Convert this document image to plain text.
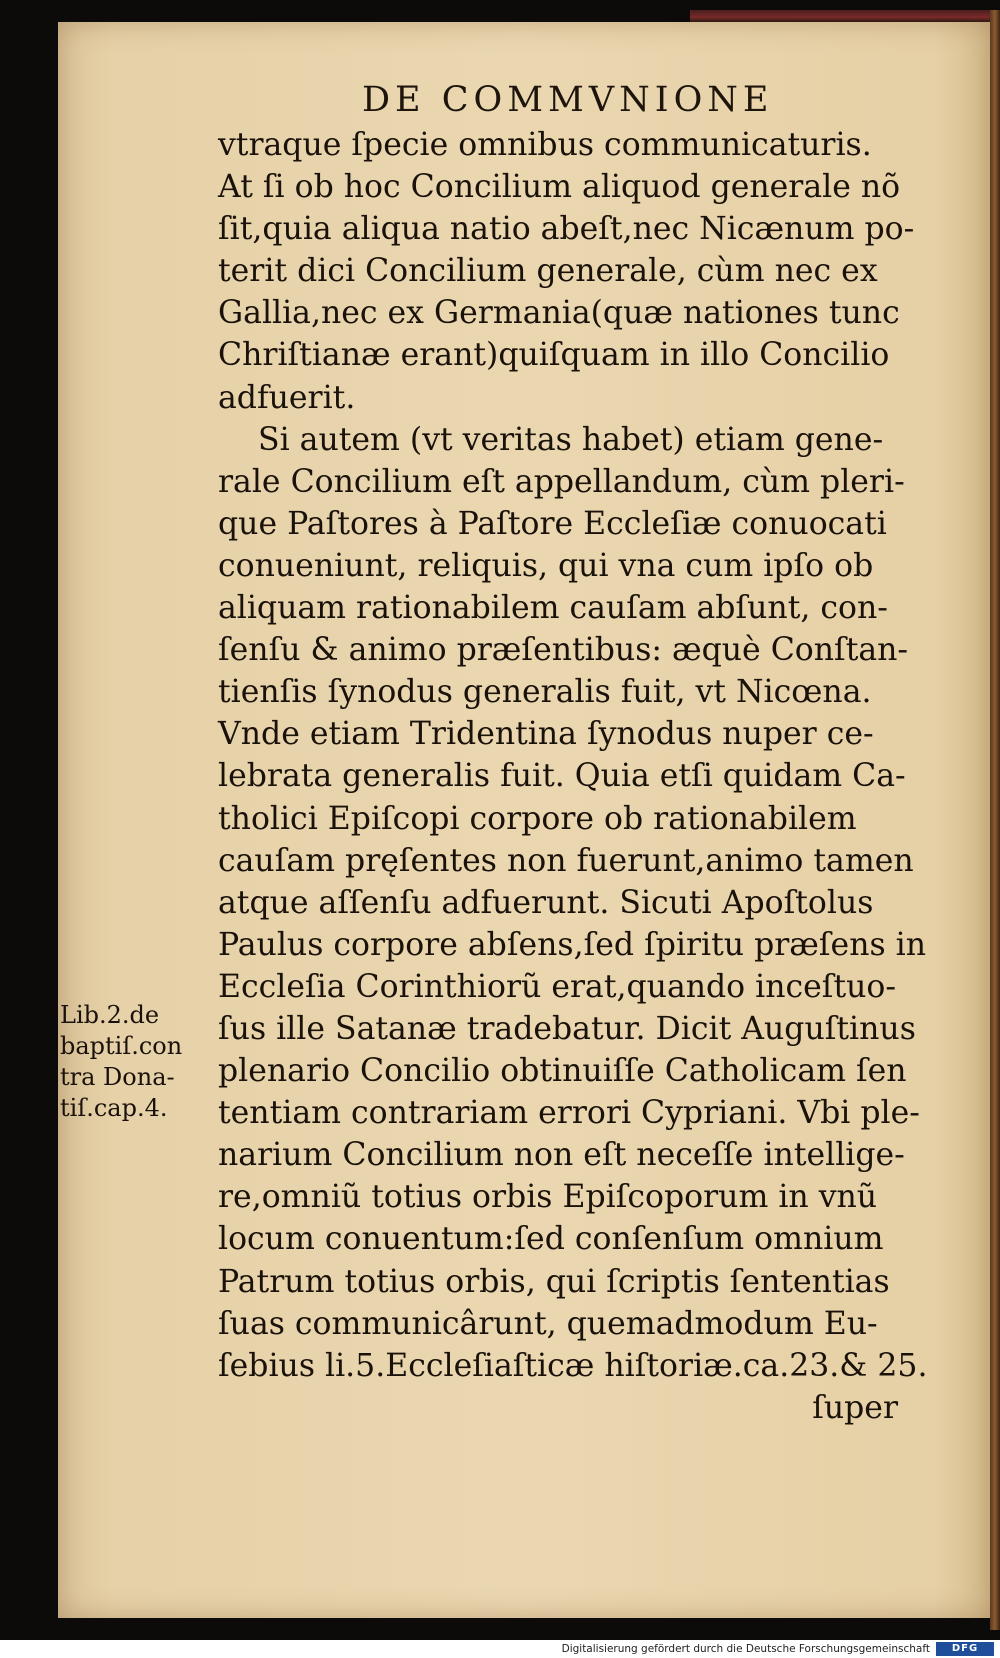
DE COMMVNIONE
vtraque ſpecie omnibus communicaturis.
At ſi ob hoc Concilium aliquod generale nõ
ſit,quia aliqua natio abeſt,nec Nicænum po-
terit dici Concilium generale, cùm nec ex
Gallia,nec ex Germania(quæ nationes tunc
Chriſtianæ erant)quiſquam in illo Concilio
adfuerit.
Si autem (vt veritas habet) etiam gene-
rale Concilium eſt appellandum, cùm pleri-
que Paſtores à Paſtore Eccleſiæ conuocati
conueniunt, reliquis, qui vna cum ipſo ob
aliquam rationabilem cauſam abſunt, con-
ſenſu & animo præſentibus: æquè Conſtan-
tienſis ſynodus generalis fuit, vt Nicœna.
Vnde etiam Tridentina ſynodus nuper ce-
lebrata generalis fuit. Quia etſi quidam Ca-
tholici Epiſcopi corpore ob rationabilem
cauſam pręſentes non fuerunt,animo tamen
atque aſſenſu adfuerunt. Sicuti Apoſtolus
Paulus corpore abſens,ſed ſpiritu præſens in
Eccleſia Corinthiorũ erat,quando inceſtuo-
ſus ille Satanæ tradebatur. Dicit Auguſtinus
plenario Concilio obtinuiſſe Catholicam ſen
tentiam contrariam errori Cypriani. Vbi ple-
narium Concilium non eſt neceſſe intellige-
re,omniũ totius orbis Epiſcoporum in vnũ
locum conuentum:ſed conſenſum omnium
Patrum totius orbis, qui ſcriptis ſententias
ſuas communicârunt, quemadmodum Eu-
ſebius li.5.Eccleſiaſticæ hiſtoriæ.ca.23.& 25.
ſuper
Lib.2.de
baptiſ.con
tra Dona-
tiſ.cap.4.
Digitalisierung gefördert durch die Deutsche Forschungsgemeinschaft	DFG
